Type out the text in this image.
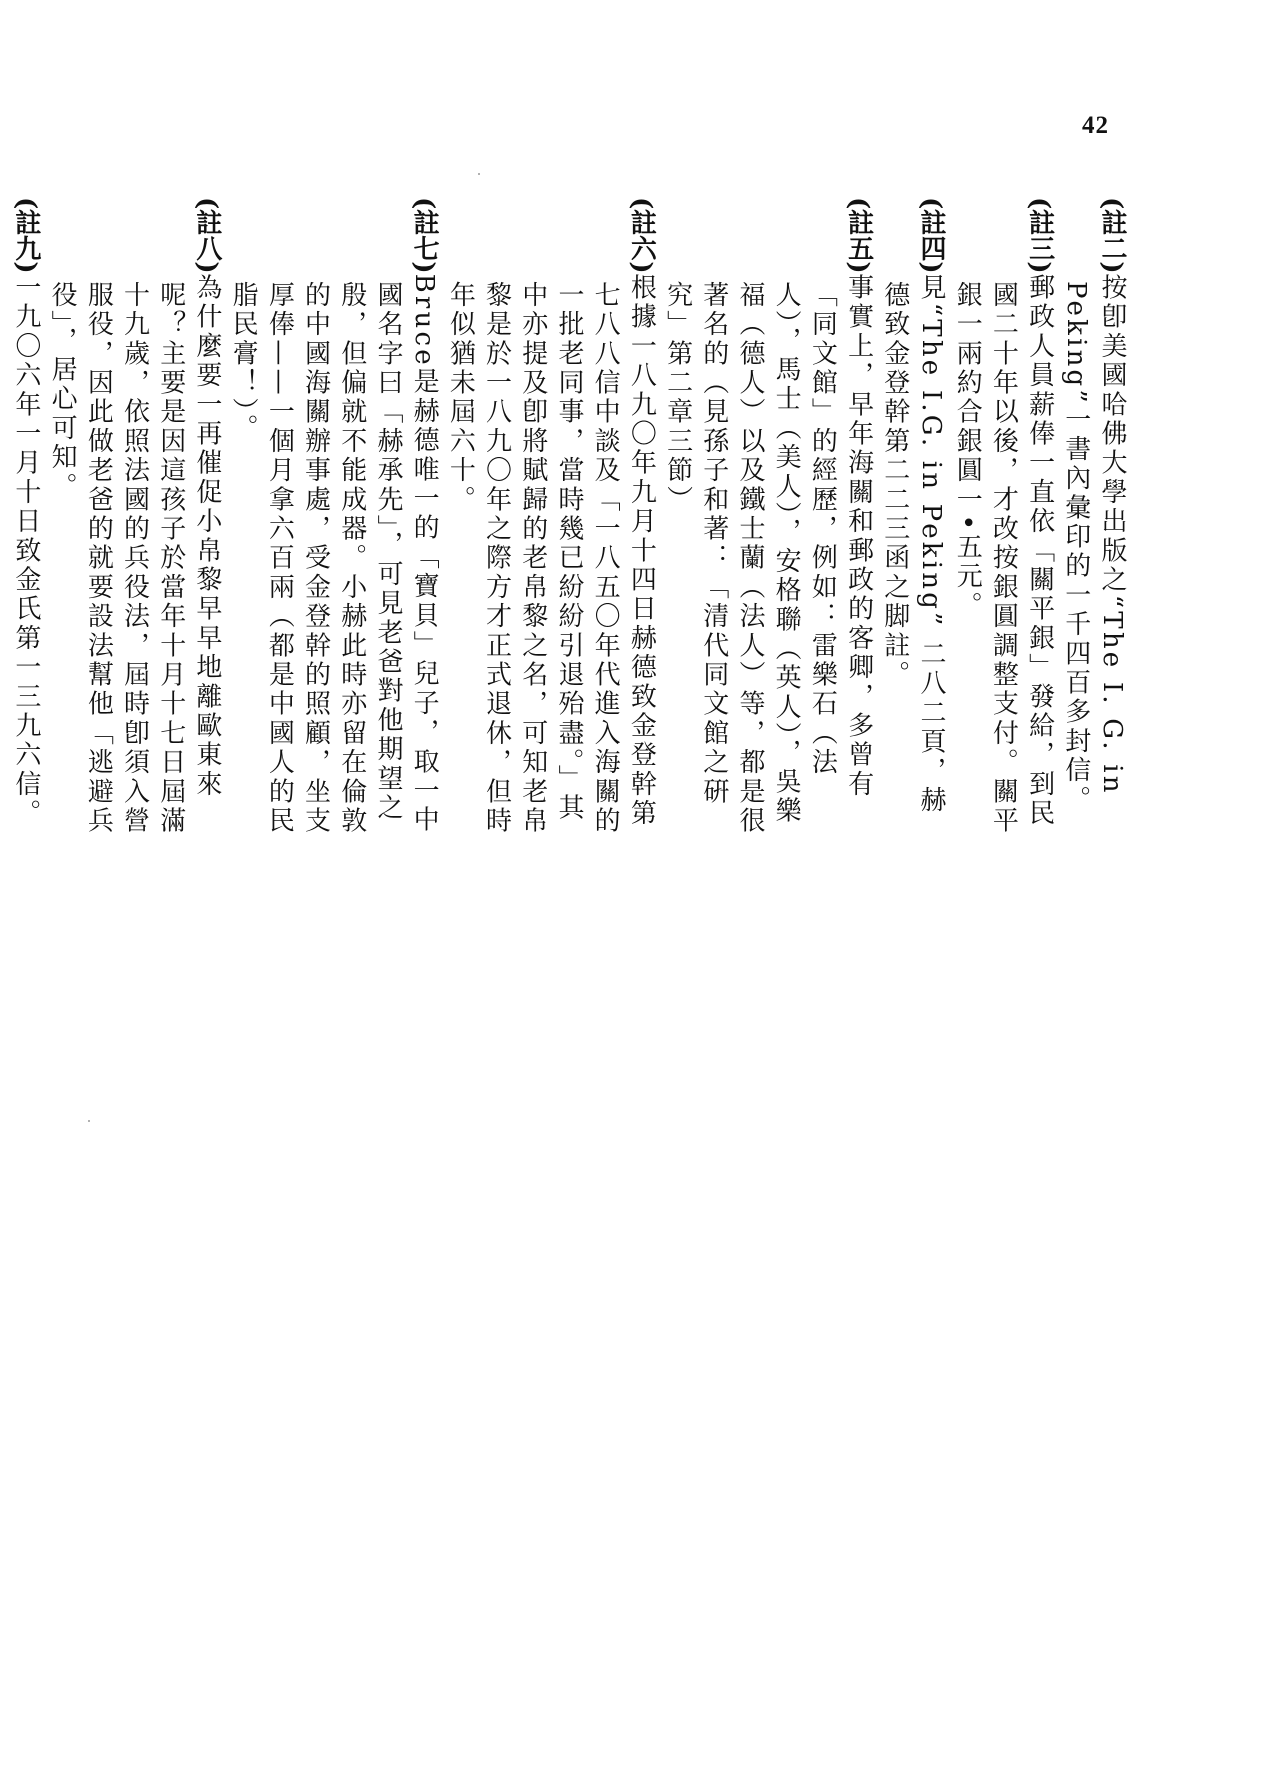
42

(註二)按卽美國哈佛大學出版之“The I. G. in Peking”一書內彙印的一千四百多封信。

(註三)郵政人員薪俸一直依「關平銀」發給，到民國二十年以後，才改按銀圓調整支付。關平銀一兩約合銀圓一•五元。

(註四)見“The I.G. in Peking” 二八二頁，赫德致金登幹第二二三函之脚註。

(註五)事實上，早年海關和郵政的客卿，多曾有「同文館」的經歷，例如：雷樂石（法人），馬士（美人），安格聯（英人），吳樂福（德人）以及鐵士蘭（法人）等，都是很著名的（見孫子和著：「清代同文館之硏究」第二章三節）

(註六)根據一八九〇年九月十四日赫德致金登幹第七八八信中談及「一八五〇年代進入海關的一批老同事，當時幾已紛紛引退殆盡。」其中亦提及卽將賦歸的老帛黎之名，可知老帛黎是於一八九〇年之際方才正式退休，但時年似猶未屆六十。

(註七)Bruce是赫德唯一的「寶貝」兒子，取一中國名字曰「赫承先」，可見老爸對他期望之殷，但偏就不能成器。小赫此時亦留在倫敦的中國海關辦事處，受金登幹的照顧，坐支厚俸——一個月拿六百兩（都是中國人的民脂民膏！）。

(註八)為什麼要一再催促小帛黎早早地離歐東來呢？主要是因這孩子於當年十月十七日屆滿十九歲，依照法國的兵役法，屆時卽須入營服役，因此做老爸的就要設法幫他「逃避兵役」，居心可知。

(註九)一九〇六年一月十日致金氏第一三九六信。
